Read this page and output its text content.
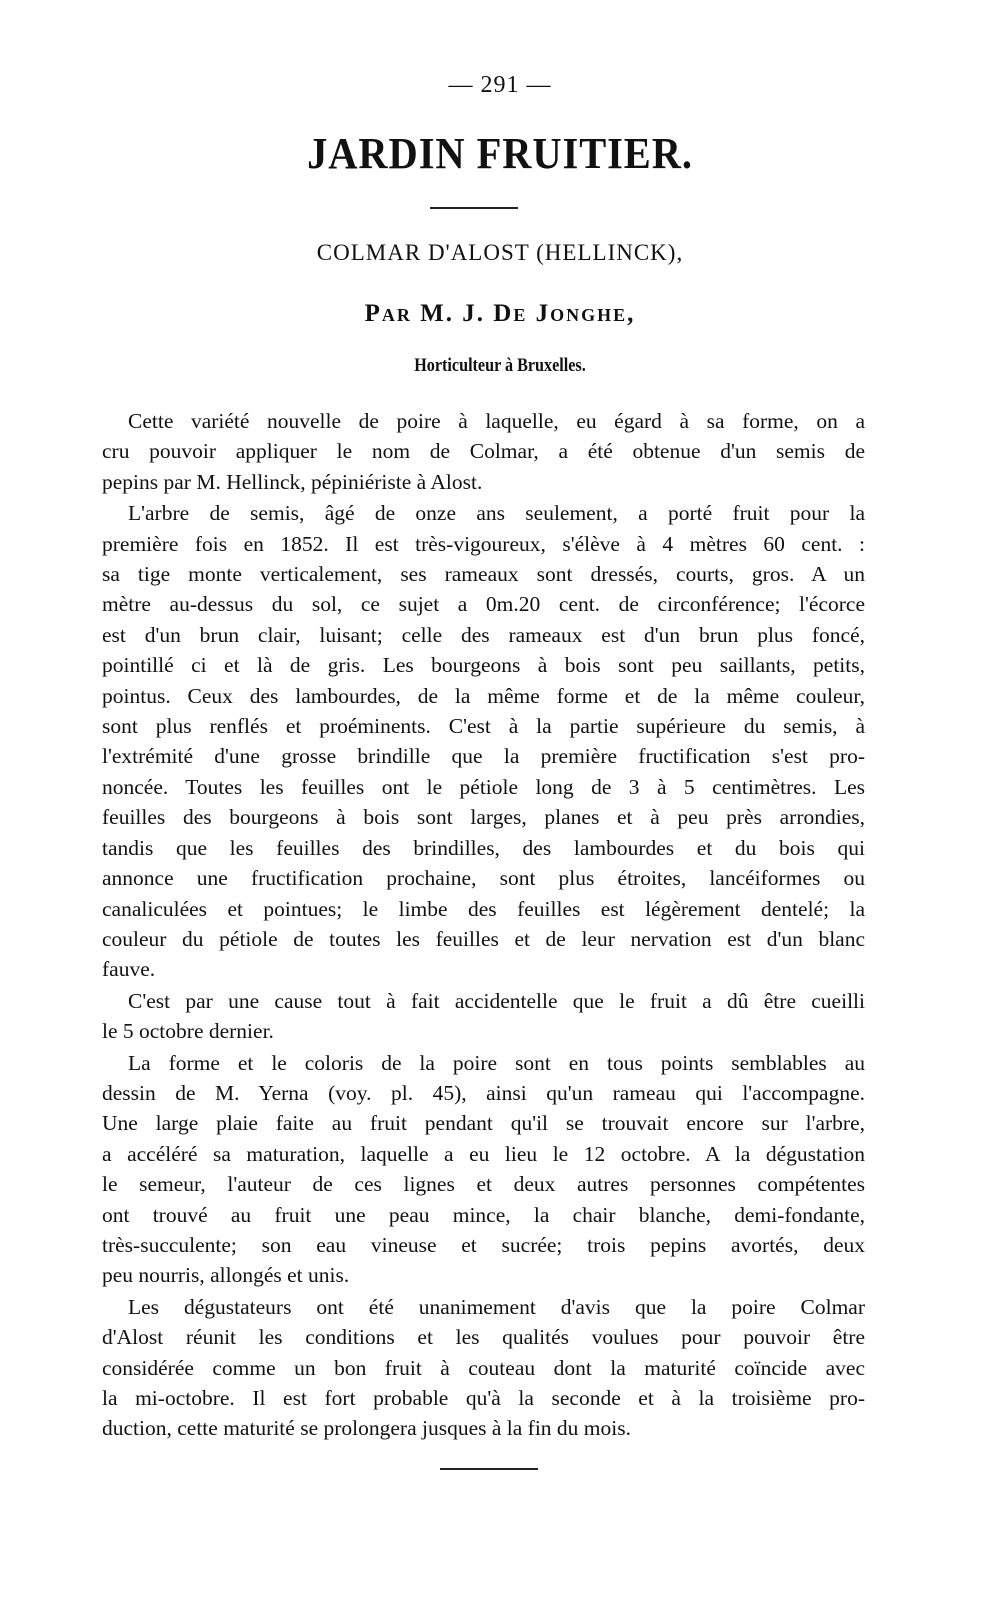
— 291 —
JARDIN FRUITIER.
COLMAR D'ALOST (HELLINCK),
Par M. J. De Jonghe,
Horticulteur à Bruxelles.
Cette variété nouvelle de poire à laquelle, eu égard à sa forme, on a
cru pouvoir appliquer le nom de Colmar, a été obtenue d'un semis de
pepins par M. Hellinck, pépiniériste à Alost.
L'arbre de semis, âgé de onze ans seulement, a porté fruit pour la
première fois en 1852. Il est très-vigoureux, s'élève à 4 mètres 60 cent. :
sa tige monte verticalement, ses rameaux sont dressés, courts, gros. A un
mètre au-dessus du sol, ce sujet a 0m.20 cent. de circonférence; l'écorce
est d'un brun clair, luisant; celle des rameaux est d'un brun plus foncé,
pointillé ci et là de gris. Les bourgeons à bois sont peu saillants, petits,
pointus. Ceux des lambourdes, de la même forme et de la même couleur,
sont plus renflés et proéminents. C'est à la partie supérieure du semis, à
l'extrémité d'une grosse brindille que la première fructification s'est pro-
noncée. Toutes les feuilles ont le pétiole long de 3 à 5 centimètres. Les
feuilles des bourgeons à bois sont larges, planes et à peu près arrondies,
tandis que les feuilles des brindilles, des lambourdes et du bois qui
annonce une fructification prochaine, sont plus étroites, lancéiformes ou
canaliculées et pointues; le limbe des feuilles est légèrement dentelé; la
couleur du pétiole de toutes les feuilles et de leur nervation est d'un blanc
fauve.
C'est par une cause tout à fait accidentelle que le fruit a dû être cueilli
le 5 octobre dernier.
La forme et le coloris de la poire sont en tous points semblables au
dessin de M. Yerna (voy. pl. 45), ainsi qu'un rameau qui l'accompagne.
Une large plaie faite au fruit pendant qu'il se trouvait encore sur l'arbre,
a accéléré sa maturation, laquelle a eu lieu le 12 octobre. A la dégustation
le semeur, l'auteur de ces lignes et deux autres personnes compétentes
ont trouvé au fruit une peau mince, la chair blanche, demi-fondante,
très-succulente; son eau vineuse et sucrée; trois pepins avortés, deux
peu nourris, allongés et unis.
Les dégustateurs ont été unanimement d'avis que la poire Colmar
d'Alost réunit les conditions et les qualités voulues pour pouvoir être
considérée comme un bon fruit à couteau dont la maturité coïncide avec
la mi-octobre. Il est fort probable qu'à la seconde et à la troisième pro-
duction, cette maturité se prolongera jusques à la fin du mois.
